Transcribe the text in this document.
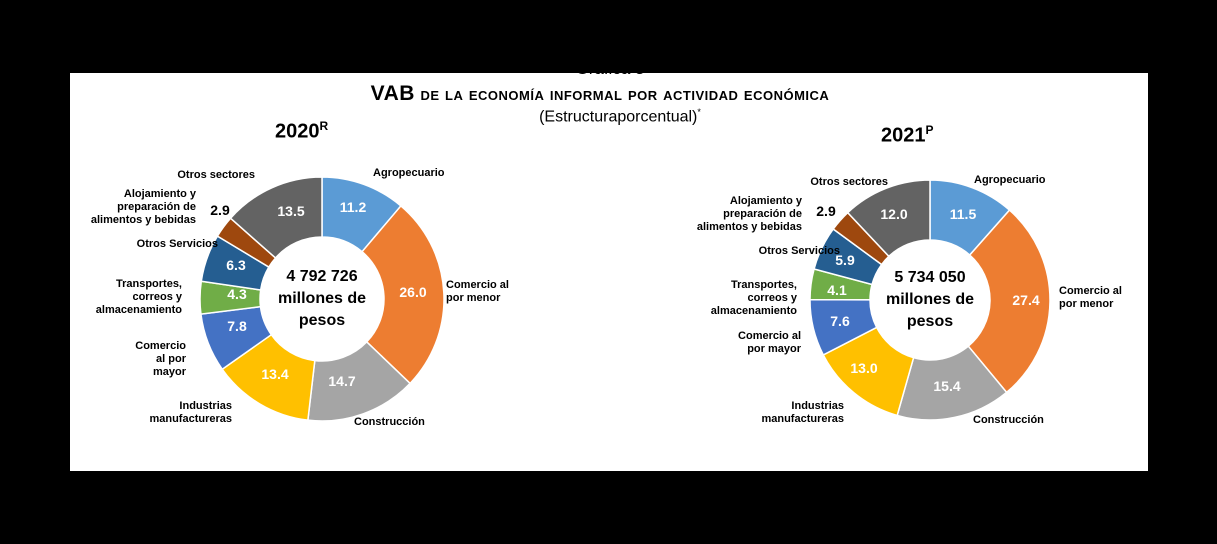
Gráfica 3
VAB de la economía informal por actividad económica
(Estructuraporcentual)*
$2020^R$	$2021^P$
11.2
Agropecuario
26.0 Comercio al por menor
14.7
Construcción
13.4
Industrias manufactureras
7.8
Comercio al por mayor
4.3
Transportes, correos y almacenamiento
6.3
Otros Servicios
2.9
Alojamiento y preparación de alimentos y bebidas
13.5
Otros sectores
4 792 726
millones de
pesos
11.5
Agropecuario
27.4
Comercio al por menor
15.4
Construcción
13.0
Industrias manufactureras
7.6
Comercio al por mayor
4.1
Transportes, correos y almacenamiento
5.9
Otros Servicios
2.9
Alojamiento y preparación de alimentos y bebidas
12.0
Otros sectores
5 734 050
millones de
pesos
